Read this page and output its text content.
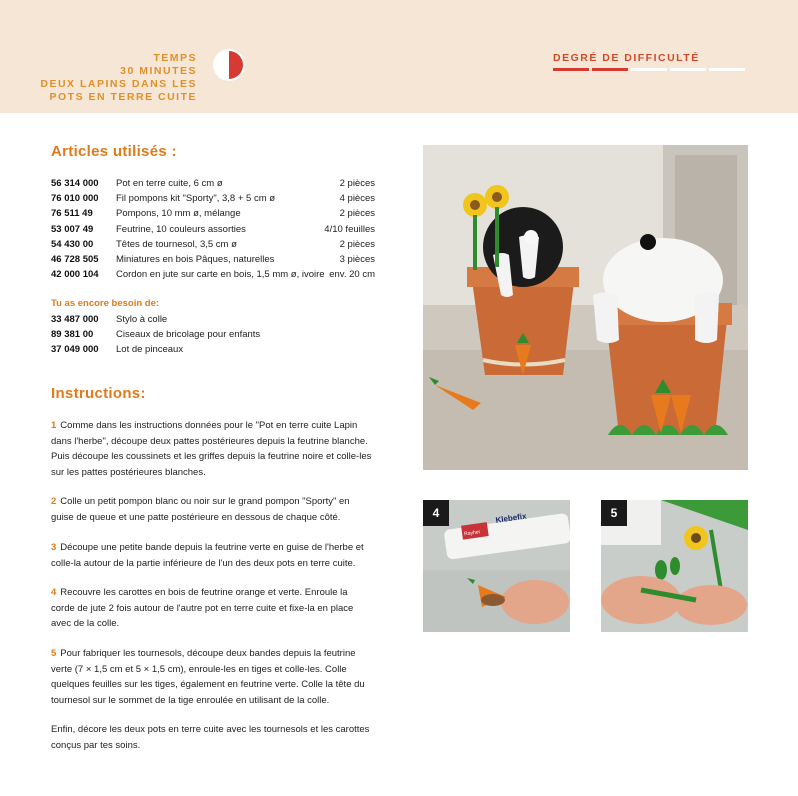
TEMPS
30 MINUTES
DEUX LAPINS DANS LES
POTS EN TERRE CUITE
DEGRÉ DE DIFFICULTÉ
Articles utilisés :
56 314 000 Pot en terre cuite, 6 cm ø	2 pièces
76 010 000 Fil pompons kit "Sporty", 3,8 + 5 cm ø	4 pièces
76 511 49 Pompons, 10 mm ø, mélange	2 pièces
53 007 49 Feutrine, 10 couleurs assorties	4/10 feuilles
54 430 00 Têtes de tournesol, 3,5 cm ø	2 pièces
46 728 505 Miniatures en bois Pâques, naturelles	3 pièces
42 000 104 Cordon en jute sur carte en bois, 1,5 mm ø, ivoire env. 20 cm
Tu as encore besoin de:
33 487 000 Stylo à colle
89 381 00 Ciseaux de bricolage pour enfants
37 049 000 Lot de pinceaux
Instructions:
1 Comme dans les instructions données pour le "Pot en terre cuite Lapin dans l'herbe", découpe deux pattes postérieures depuis la feutrine blanche. Puis découpe les coussinets et les griffes depuis la feutrine noire et colle-les sur les pattes postérieures blanches.
2 Colle un petit pompon blanc ou noir sur le grand pompon "Sporty" en guise de queue et une patte postérieure en dessous de chaque côté.
3 Découpe une petite bande depuis la feutrine verte en guise de l'herbe et colle-la autour de la partie inférieure de l'un des deux pots en terre cuite.
4 Recouvre les carottes en bois de feutrine orange et verte. Enroule la corde de jute 2 fois autour de l'autre pot en terre cuite et fixe-la en place avec de la colle.
5 Pour fabriquer les tournesols, découpe deux bandes depuis la feutrine verte (7 × 1,5 cm et 5 × 1,5 cm), enroule-les en tiges et colle-les. Colle quelques feuilles sur les tiges, également en feutrine verte. Colle la tête du tournesol sur le sommet de la tige enroulée en utilisant de la colle.
Enfin, décore les deux pots en terre cuite avec les tournesols et les carottes conçus par tes soins.
Klebefix
Rayher
4	5
